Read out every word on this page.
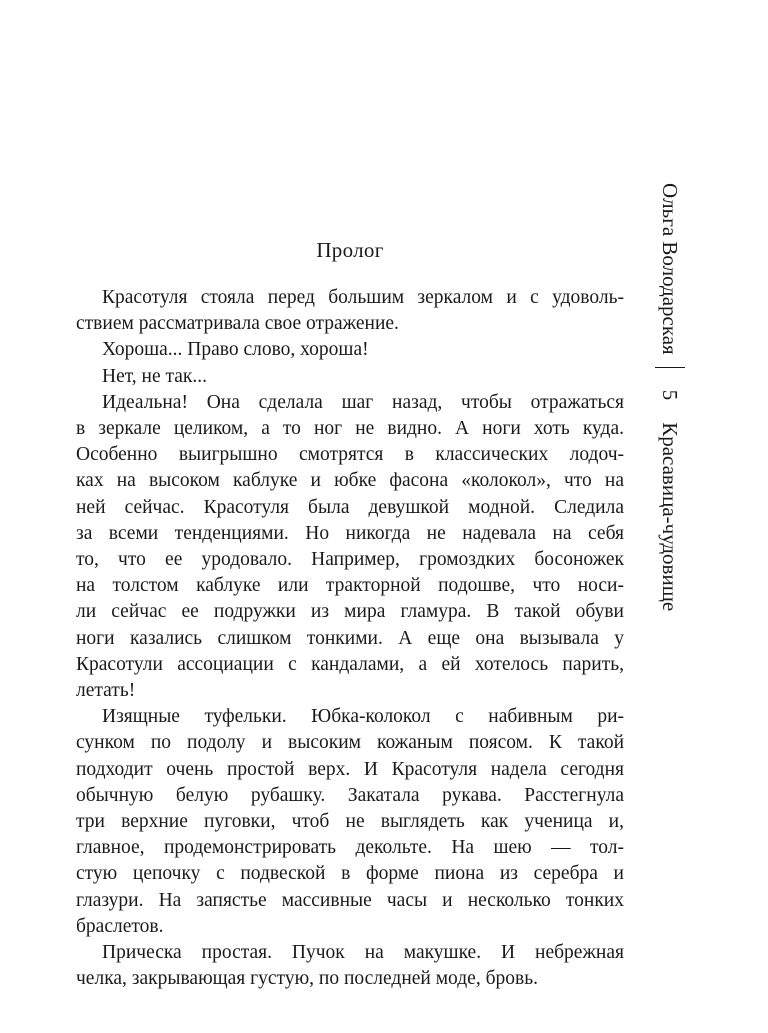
Пролог

Красотуля стояла перед большим зеркалом и с удоволь-
ствием рассматривала свое отражение.

Хороша... Право слово, хороша!

Нет, не так...

Идеальна! Она сделала шаг назад, чтобы отражаться
в зеркале целиком, а то ног не видно. А ноги хоть куда.
Особенно выигрышно смотрятся в классических лодоч-
ках на высоком каблуке и юбке фасона «колокол», что на
ней сейчас. Красотуля была девушкой модной. Следила
за всеми тенденциями. Но никогда не надевала на себя
то, что ее уродовало. Например, громоздких босоножек
на толстом каблуке или тракторной подошве, что носи-
ли сейчас ее подружки из мира гламура. В такой обуви
ноги казались слишком тонкими. А еще она вызывала у
Красотули ассоциации с кандалами, а ей хотелось парить,
летать!

Изящные туфельки. Юбка-колокол с набивным ри-
сунком по подолу и высоким кожаным поясом. К такой
подходит очень простой верх. И Красотуля надела сегодня
обычную белую рубашку. Закатала рукава. Расстегнула
три верхние пуговки, чтоб не выглядеть как ученица и,
главное, продемонстрировать декольте. На шею — тол-
стую цепочку с подвеской в форме пиона из серебра и
глазури. На запястье массивные часы и несколько тонких
браслетов.

Прическа простая. Пучок на макушке. И небрежная
челка, закрывающая густую, по последней моде, бровь.

Ольга Володарская
5
Красавица-чудовище
